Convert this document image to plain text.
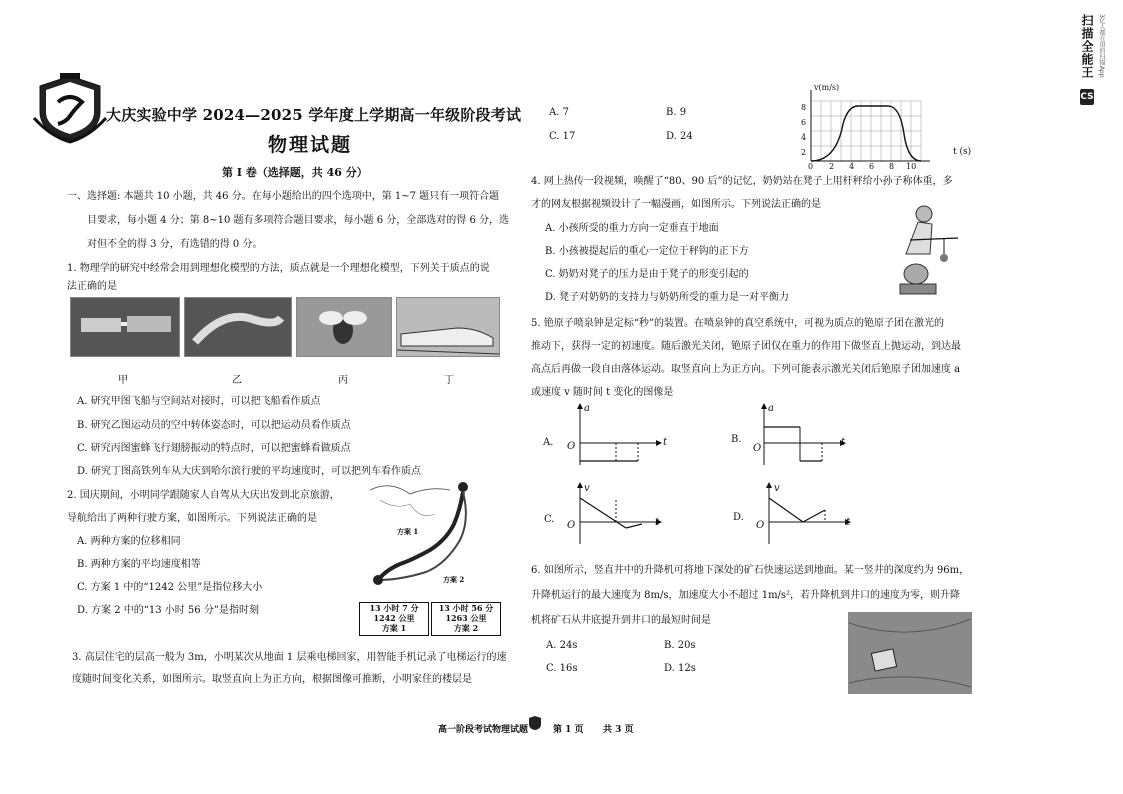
大庆实验中学 2024—2025 学年度上学期高一年级阶段考试
物理试题
第 I 卷（选择题，共 46 分）
一、选择题: 本题共 10 小题，共 46 分。在每小题给出的四个选项中，第 1~7 题只有一项符合题
目要求，每小题 4 分；第 8~10 题有多项符合题目要求，每小题 6 分，全部选对的得 6 分，选
对但不全的得 3 分，有选错的得 0 分。
1. 物理学的研究中经常会用到理想化模型的方法，质点就是一个理想化模型，下列关于质点的说
法正确的是
甲	乙	丙	丁
A. 研究甲图飞船与空间站对接时，可以把飞船看作质点
B. 研究乙图运动员的空中转体姿态时，可以把运动员看作质点
C. 研究丙图蜜蜂飞行翅膀振动的特点时，可以把蜜蜂看做质点
D. 研究丁图高铁列车从大庆到哈尔滨行驶的平均速度时，可以把列车看作质点
2. 国庆期间，小明同学跟随家人自驾从大庆出发到北京旅游，
导航给出了两种行驶方案，如图所示。下列说法正确的是
A. 两种方案的位移相同
B. 两种方案的平均速度相等
C. 方案 1 中的“1242 公里”是指位移大小
D. 方案 2 中的“13 小时 56 分”是指时刻
方案 1
方案 2
13 小时 7 分
1242 公里
方案 1
13 小时 56 分
1263 公里
方案 2
3. 高层住宅的层高一般为 3m，小明某次从地面 1 层乘电梯回家，用智能手机记录了电梯运行的速
度随时间变化关系，如图所示。取竖直向上为正方向，根据图像可推断，小明家住的楼层是
A. 7	B. 9
C. 17	D. 24
v(m/s)
t (s)
2
4
6
8
0 2 4 6 8 10
4. 网上热传一段视频，唤醒了“80、90 后”的记忆，奶奶站在凳子上用杆秤给小孙子称体重，多
才的网友根据视频设计了一幅漫画，如图所示。下列说法正确的是
A. 小孩所受的重力方向一定垂直于地面
B. 小孩被提起后的重心一定位于秤钩的正下方
C. 奶奶对凳子的压力是由于凳子的形变引起的
D. 凳子对奶奶的支持力与奶奶所受的重力是一对平衡力
5. 铯原子喷泉钟是定标“秒”的装置。在喷泉钟的真空系统中，可视为质点的铯原子团在激光的
推动下，获得一定的初速度。随后激光关闭，铯原子团仅在重力的作用下做竖直上抛运动，到达最
高点后再做一段自由落体运动。取竖直向上为正方向。下列可能表示激光关闭后铯原子团加速度 a
或速度 v 随时间 t 变化的图像是
A.
a
t
O
B.
a
t
O
C.
v
t
O
D.
v
t
O
6. 如图所示，竖直井中的升降机可将地下深处的矿石快速运送到地面。某一竖井的深度约为 96m，
升降机运行的最大速度为 8m/s，加速度大小不超过 1m/s²，若升降机到井口的速度为零，则升降
机将矿石从井底提升到井口的最短时间是
A. 24s	B. 20s
C. 16s	D. 12s
高一阶段考试物理试题	第 1 页 共 3 页
CS
扫描全能王 3亿人都在用的扫描App
